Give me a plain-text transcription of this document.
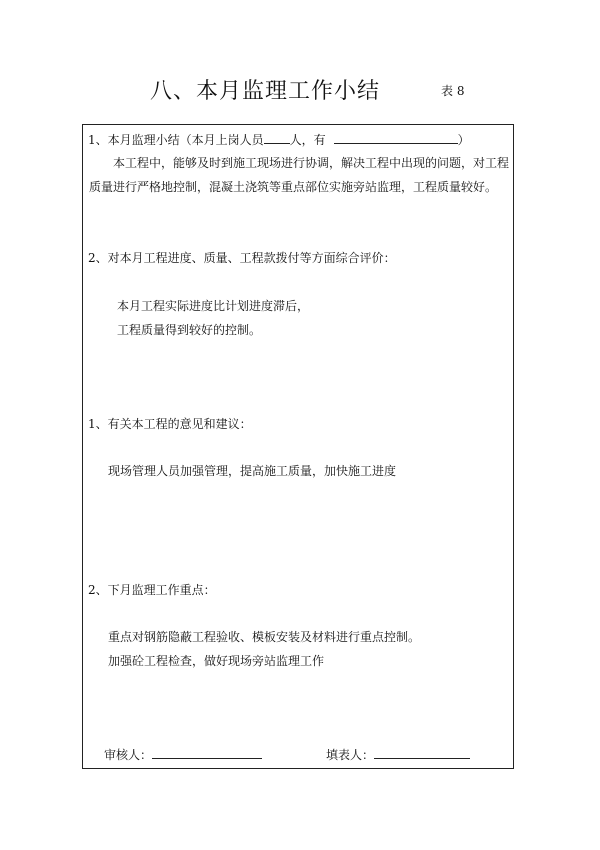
八、本月监理工作小结	表 8
1、本月监理小结（本月上岗人员 人，有	）
本工程中，能够及时到施工现场进行协调，解决工程中出现的问题，对工程
质量进行严格地控制，混凝土浇筑等重点部位实施旁站监理，工程质量较好。
2、对本月工程进度、质量、工程款拨付等方面综合评价：
本月工程实际进度比计划进度滞后，
工程质量得到较好的控制。
1、有关本工程的意见和建议：
现场管理人员加强管理，提高施工质量，加快施工进度
2、下月监理工作重点：
重点对钢筋隐蔽工程验收、模板安装及材料进行重点控制。
加强砼工程检查，做好现场旁站监理工作
审核人：	填表人：
